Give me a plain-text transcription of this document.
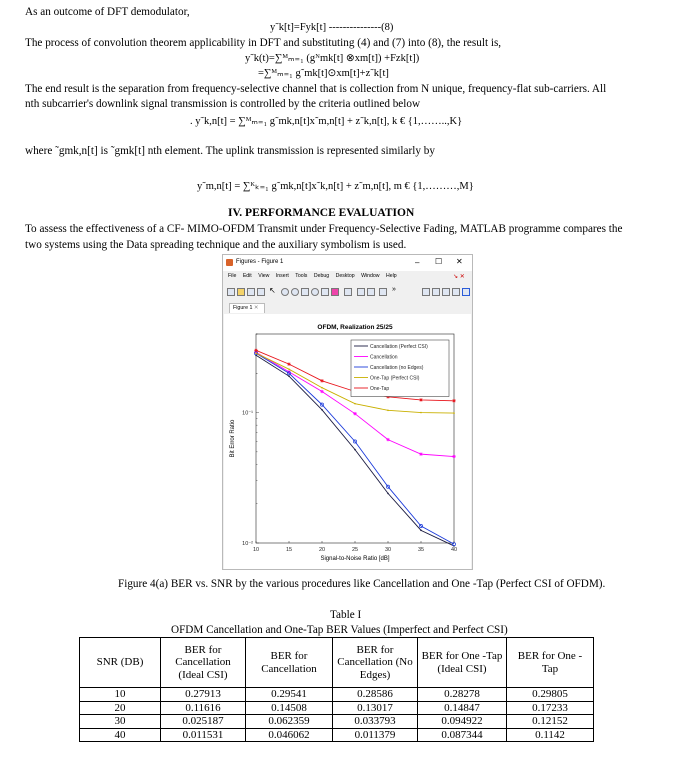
As an outcome of DFT demodulator,
y˜k[t]=Fyk[t] ---------------(8)
The process of convolution theorem applicability in DFT and substituting (4) and (7) into (8), the result is,
y˜k(t)=∑ᴹₘ₌₁ (gᴺmk[t] ⊗xm[t]) +Fzk[t])
=∑ᴹₘ₌₁ g˜mk[t]⊙xm[t]+z˜k[t]
The end result is the separation from frequency-selective channel that is collection from N unique, frequency-flat sub-carriers. All
nth subcarrier's downlink signal transmission is controlled by the criteria outlined below
. y˜k,n[t] = ∑ᴹₘ₌₁ g˜mk,n[t]x˜m,n[t] + z˜k,n[t], k € {1,……..,K}
where ˜gmk,n[t] is ˜gmk[t] nth element. The uplink transmission is represented similarly by
y˜m,n[t] = ∑ᴷₖ₌₁ g˜mk,n[t]x˜k,n[t] + z˜m,n[t], m € {1,………,M}
IV. PERFORMANCE EVALUATION
To assess the effectiveness of a CF- MIMO-OFDM Transmit under Frequency-Selective Fading, MATLAB programme compares the
two systems using the Data spreading technique and the auxiliary symbolism is used.
Figures - Figure 1	– ☐ ✕
File Edit View Insert Tools Debug Desktop Window Help	↘ ✕
↖	»
Figure 1 ✕
OFDM, Realization 25/25
10	15	20	25	30	35	40
10⁻¹
10⁻²
Signal-to-Noise Ratio [dB]
Bit Error Ratio
Cancellation (Perfect CSI)
Cancellation
Cancellation (no Edges)
One-Tap (Perfect CSI)
One-Tap
Figure 4(a) BER vs. SNR by the various procedures like Cancellation and One -Tap (Perfect CSI of OFDM).
Table I
OFDM Cancellation and One-Tap BER Values (Imperfect and Perfect CSI)
SNR (DB)	BER for Cancellation (Ideal CSI)	BER for Cancellation	BER for Cancellation (No Edges)	BER for One -Tap (Ideal CSI)	BER for One - Tap
10	0.27913	0.29541	0.28586	0.28278	0.29805
20	0.11616	0.14508	0.13017	0.14847	0.17233
30	0.025187	0.062359	0.033793	0.094922	0.12152
40	0.011531	0.046062	0.011379	0.087344	0.1142
